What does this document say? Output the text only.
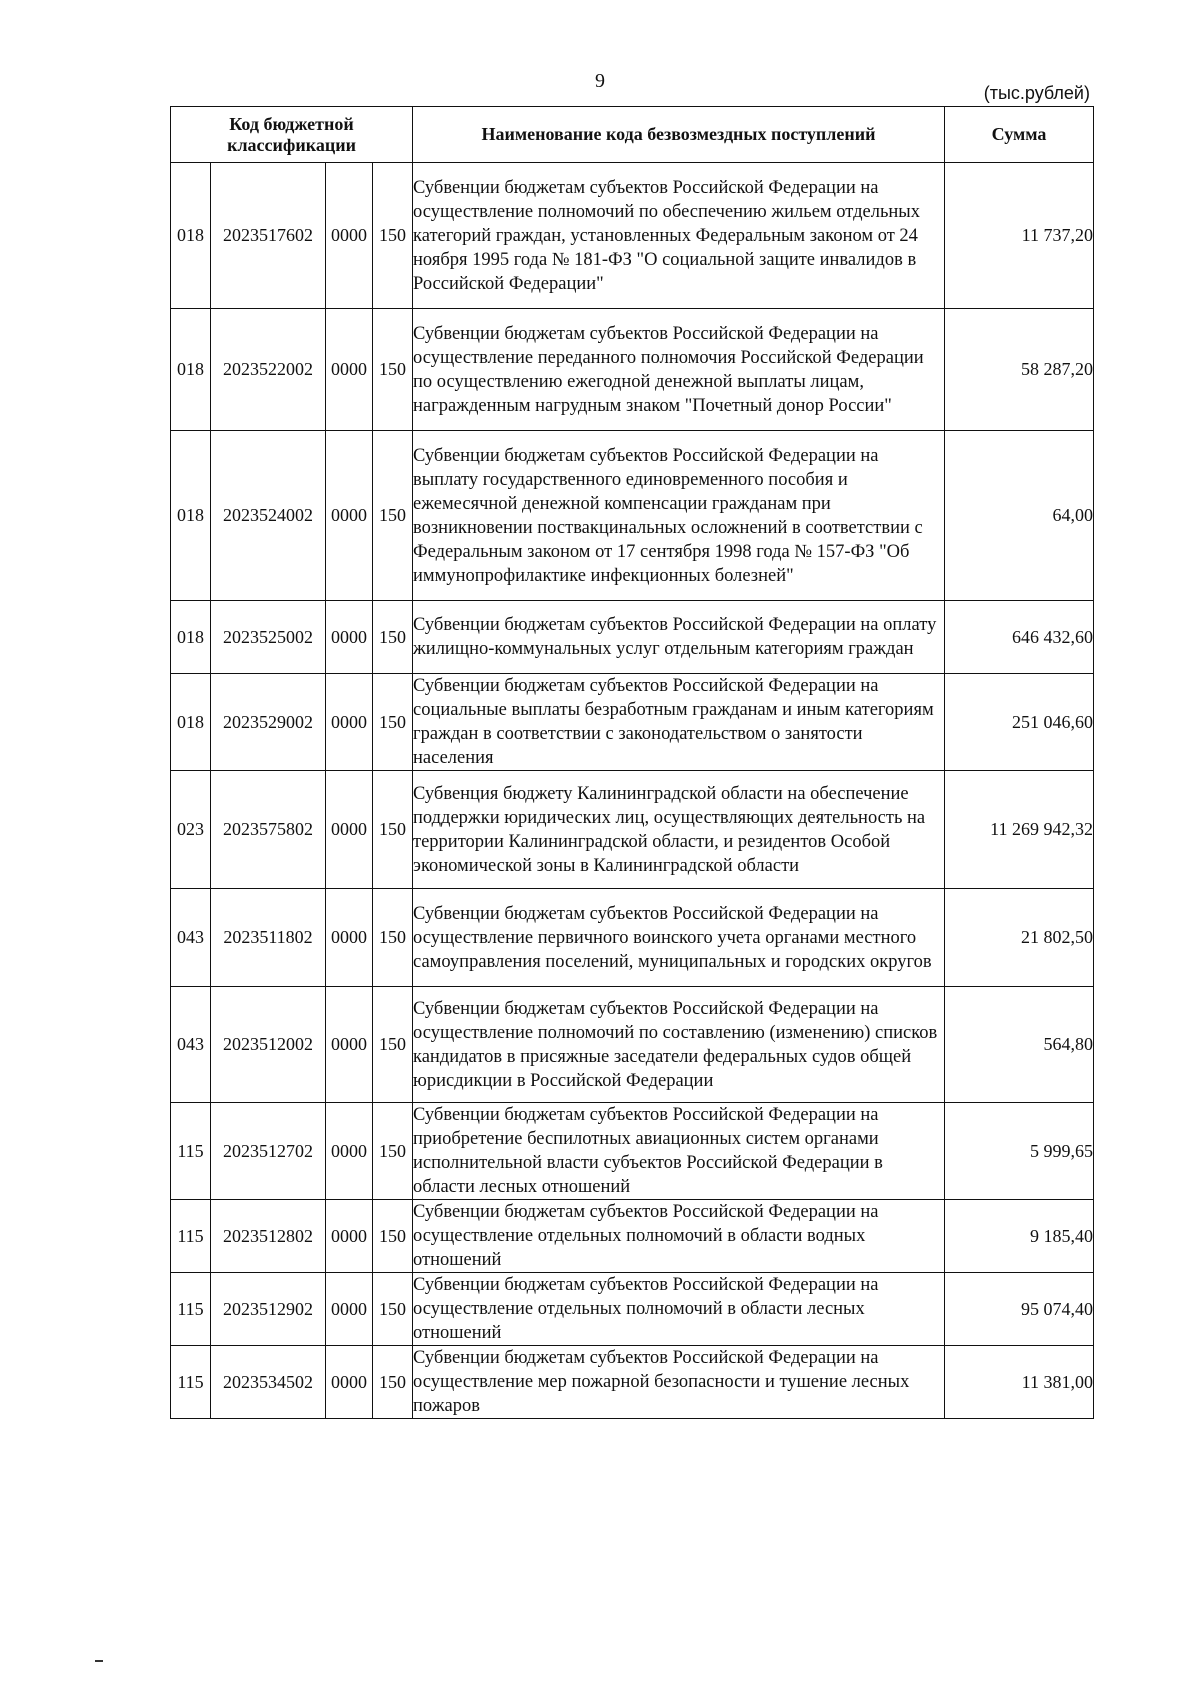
9
(тыс.рублей)
Код бюджетной классификации				Наименование кода безвозмездных поступлений	Сумма
018	2023517602	0000	150	Субвенции бюджетам субъектов Российской Федерации на осуществление полномочий по обеспечению жильем отдельных категорий граждан, установленных Федеральным законом от 24 ноября 1995 года № 181-ФЗ "О социальной защите инвалидов в Российской Федерации"	11 737,20
018	2023522002	0000	150	Субвенции бюджетам субъектов Российской Федерации на осуществление переданного полномочия Российской Федерации по осуществлению ежегодной денежной выплаты лицам, награжденным нагрудным знаком "Почетный донор России"	58 287,20
018	2023524002	0000	150	Субвенции бюджетам субъектов Российской Федерации на выплату государственного единовременного пособия и ежемесячной денежной компенсации гражданам при возникновении поствакцинальных осложнений в соответствии с Федеральным законом от 17 сентября 1998 года № 157-ФЗ "Об иммунопрофилактике инфекционных болезней"	64,00
018	2023525002	0000	150	Субвенции бюджетам субъектов Российской Федерации на оплату жилищно-коммунальных услуг отдельным категориям граждан	646 432,60
018	2023529002	0000	150	Субвенции бюджетам субъектов Российской Федерации на социальные выплаты безработным гражданам и иным категориям граждан в соответствии с законодательством о занятости населения	251 046,60
023	2023575802	0000	150	Субвенция бюджету Калининградской области на обеспечение поддержки юридических лиц, осуществляющих деятельность на территории Калининградской области, и резидентов Особой экономической зоны в Калининградской области	11 269 942,32
043	2023511802	0000	150	Субвенции бюджетам субъектов Российской Федерации на осуществление первичного воинского учета органами местного самоуправления поселений, муниципальных и городских округов	21 802,50
043	2023512002	0000	150	Субвенции бюджетам субъектов Российской Федерации на осуществление полномочий по составлению (изменению) списков кандидатов в присяжные заседатели федеральных судов общей юрисдикции в Российской Федерации	564,80
115	2023512702	0000	150	Субвенции бюджетам субъектов Российской Федерации на приобретение беспилотных авиационных систем органами исполнительной власти субъектов Российской Федерации в области лесных отношений	5 999,65
115	2023512802	0000	150	Субвенции бюджетам субъектов Российской Федерации на осуществление отдельных полномочий в области водных отношений	9 185,40
115	2023512902	0000	150	Субвенции бюджетам субъектов Российской Федерации на осуществление отдельных полномочий в области лесных отношений	95 074,40
115	2023534502	0000	150	Субвенции бюджетам субъектов Российской Федерации на осуществление мер пожарной безопасности и тушение лесных пожаров	11 381,00
